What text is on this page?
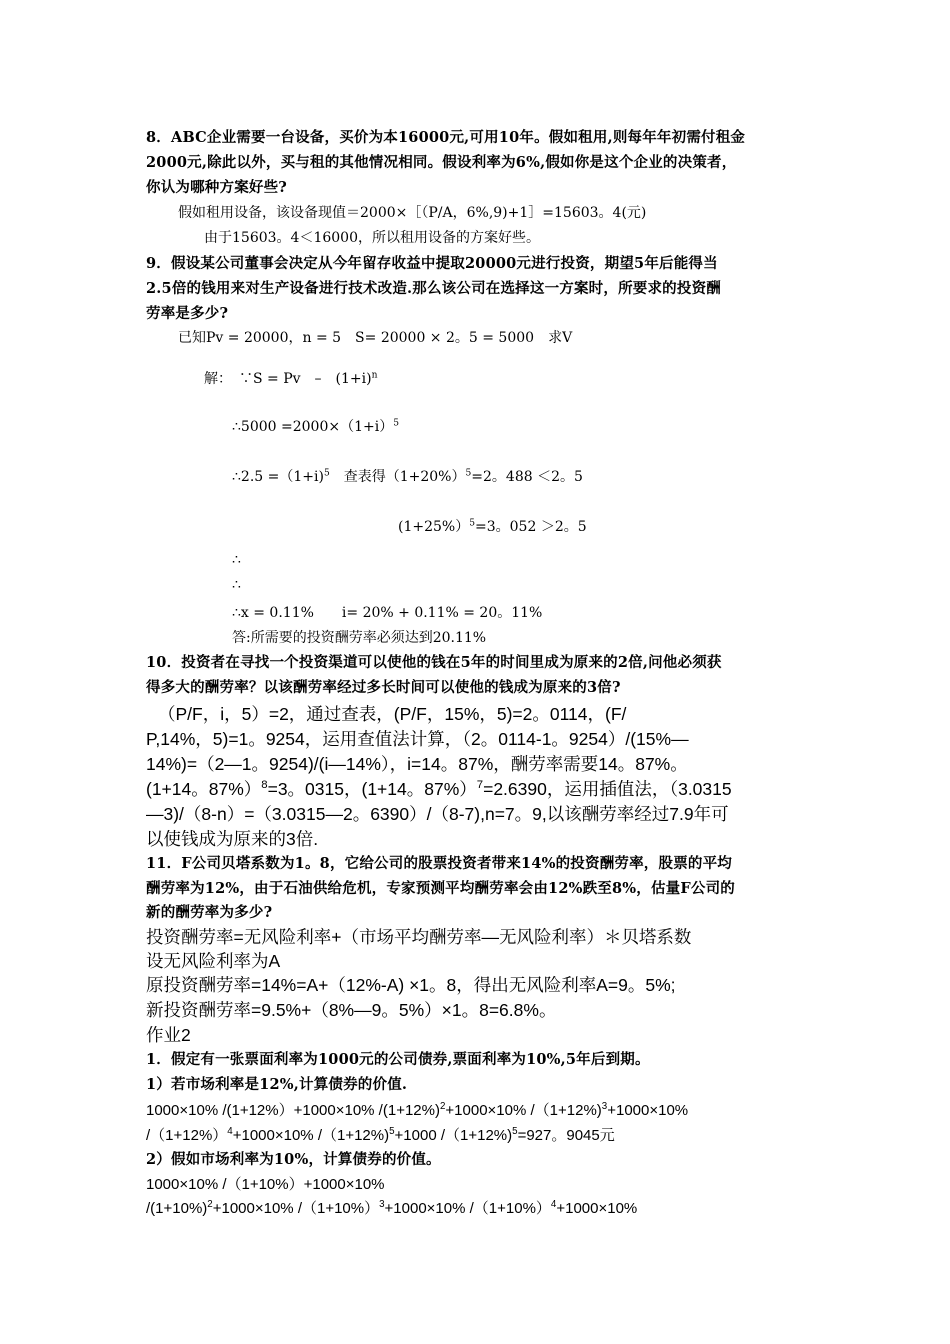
8．ABC企业需要一台设备，买价为本16000元,可用10年。假如租用,则每年年初需付租金
2000元,除此以外，买与租的其他情况相同。假设利率为6%,假如你是这个企业的决策者，
你认为哪种方案好些?
假如租用设备，该设备现值＝2000×［（P/A，6%,9)+1］=15603。4(元)
由于15603。4＜16000，所以租用设备的方案好些。
9．假设某公司董事会决定从今年留存收益中提取20000元进行投资，期望5年后能得当
2.5倍的钱用来对生产设备进行技术改造.那么该公司在选择这一方案时，所要求的投资酬
劳率是多少?
已知Pv = 20000，n = 5　S= 20000 × 2。5 = 5000　求V
解：　∵S = Pv　–　$(1+i)^n$
∴5000 $=2000\times(1+i)^5$
∴2.5 =（1+i)$^5$　查表得$(1+20\%)^5=2$。488 ＜2。5
(1+25%）$^5$=3。052 ＞2。5
∴
∴
∴x = 0.11%　　i= 20% + 0.11% = 20。11%
答:所需要的投资酬劳率必须达到20.11%
10．投资者在寻找一个投资渠道可以使他的钱在5年的时间里成为原来的2倍,问他必须获
得多大的酬劳率？以该酬劳率经过多长时间可以使他的钱成为原来的3倍?
（P/F，i，5）=2，通过查表，(P/F，15%，5)=2。0114，(F/
P,14%，5)=1。9254，运用查值法计算，（2。0114-1。9254）/(15%—
14%)=（2—1。9254)/(i—14%），i=14。87%，酬劳率需要14。87%。
(1+14。87%）$^8$=3。0315，(1+14。87%）$^7$=2.6390，运用插值法，（3.0315
—3)/（8-n）=（3.0315—2。6390）/（8-7),n=7。9,以该酬劳率经过7.9年可
以使钱成为原来的3倍.
11．F公司贝塔系数为1。8，它给公司的股票投资者带来14%的投资酬劳率，股票的平均
酬劳率为12%，由于石油供给危机，专家预测平均酬劳率会由12%跌至8%，估量F公司的
新的酬劳率为多少?
投资酬劳率=无风险利率+（市场平均酬劳率—无风险利率）＊贝塔系数
设无风险利率为A
原投资酬劳率=14%=A+（12%-A) ×1。8，得出无风险利率A=9。5%;
新投资酬劳率=9.5%+（8%—9。5%）×1。8=6.8%。
作业2
1．假定有一张票面利率为1000元的公司债券,票面利率为10%,5年后到期。
1）若市场利率是12%,计算债券的价值.
1000×10% /(1+12%）+1000×10% $/(1+12\%)^2+1000\times 10\%$ /（1+12%)$^3$+1000×10%
$/(1+12\%)^4+1000\times 10\%$ /（1+12%)$^5$+1000 /（1+12%)$^5$=927。9045元
2）假如市场利率为10%，计算债券的价值。
1000×10% /（1+10%）+1000×10%
$/(1+10\%)^2+1000\times 10\%$ $/(1+10\%)^3+1000\times 10\%$ $/(1+10\%)^4+1000\times 10\%$
